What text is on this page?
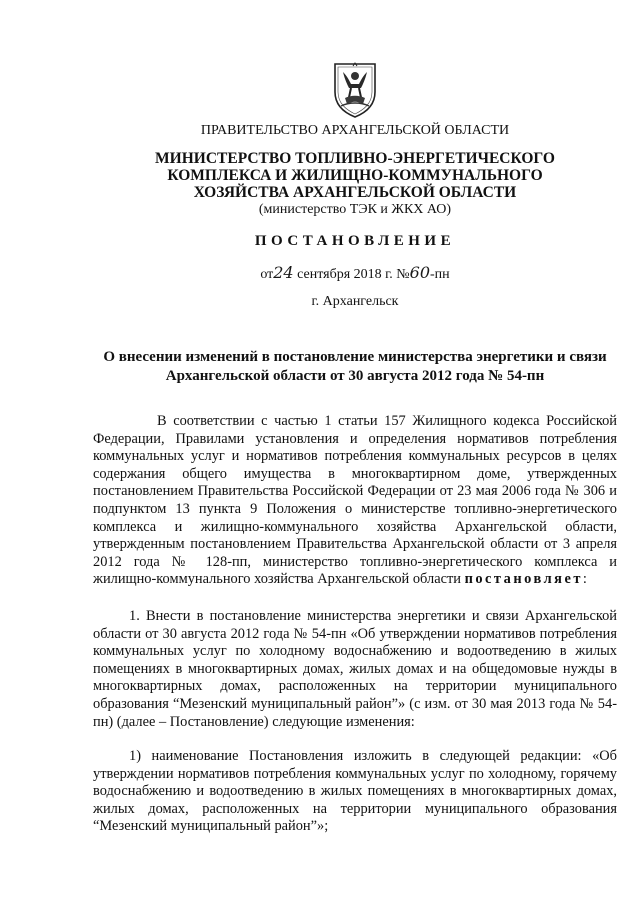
ПРАВИТЕЛЬСТВО АРХАНГЕЛЬСКОЙ ОБЛАСТИ
МИНИСТЕРСТВО ТОПЛИВНО-ЭНЕРГЕТИЧЕСКОГО
КОМПЛЕКСА И ЖИЛИЩНО-КОММУНАЛЬНОГО
ХОЗЯЙСТВА АРХАНГЕЛЬСКОЙ ОБЛАСТИ
(министерство ТЭК и ЖКХ АО)
ПОСТАНОВЛЕНИЕ
от24 сентября 2018 г. №60-пн
г. Архангельск
О внесении изменений в постановление министерства энергетики и связи
Архангельской области от 30 августа 2012 года № 54-пн
В соответствии с частью 1 статьи 157 Жилищного кодекса Российской Федерации, Правилами установления и определения нормативов потребления коммунальных услуг и нормативов потребления коммунальных ресурсов в целях содержания общего имущества в многоквартирном доме, утвержденных постановлением Правительства Российской Федерации от 23 мая 2006 года № 306 и подпунктом 13 пункта 9 Положения о министерстве топливно-энергетического комплекса и жилищно-коммунального хозяйства Архангельской области, утвержденным постановлением Правительства Архангельской области от 3 апреля 2012 года № 128-пп, министерство топливно-энергетического комплекса и жилищно-коммунального хозяйства Архангельской области постановляет:
1. Внести в постановление министерства энергетики и связи Архангельской области от 30 августа 2012 года № 54-пн «Об утверждении нормативов потребления коммунальных услуг по холодному водоснабжению и водоотведению в жилых помещениях в многоквартирных домах, жилых домах и на общедомовые нужды в многоквартирных домах, расположенных на территории муниципального образования “Мезенский муниципальный район”» (с изм. от 30 мая 2013 года № 54-пн) (далее – Постановление) следующие изменения:
1) наименование Постановления изложить в следующей редакции: «Об утверждении нормативов потребления коммунальных услуг по холодному, горячему водоснабжению и водоотведению в жилых помещениях в многоквартирных домах, жилых домах, расположенных на территории муниципального образования “Мезенский муниципальный район”»;
